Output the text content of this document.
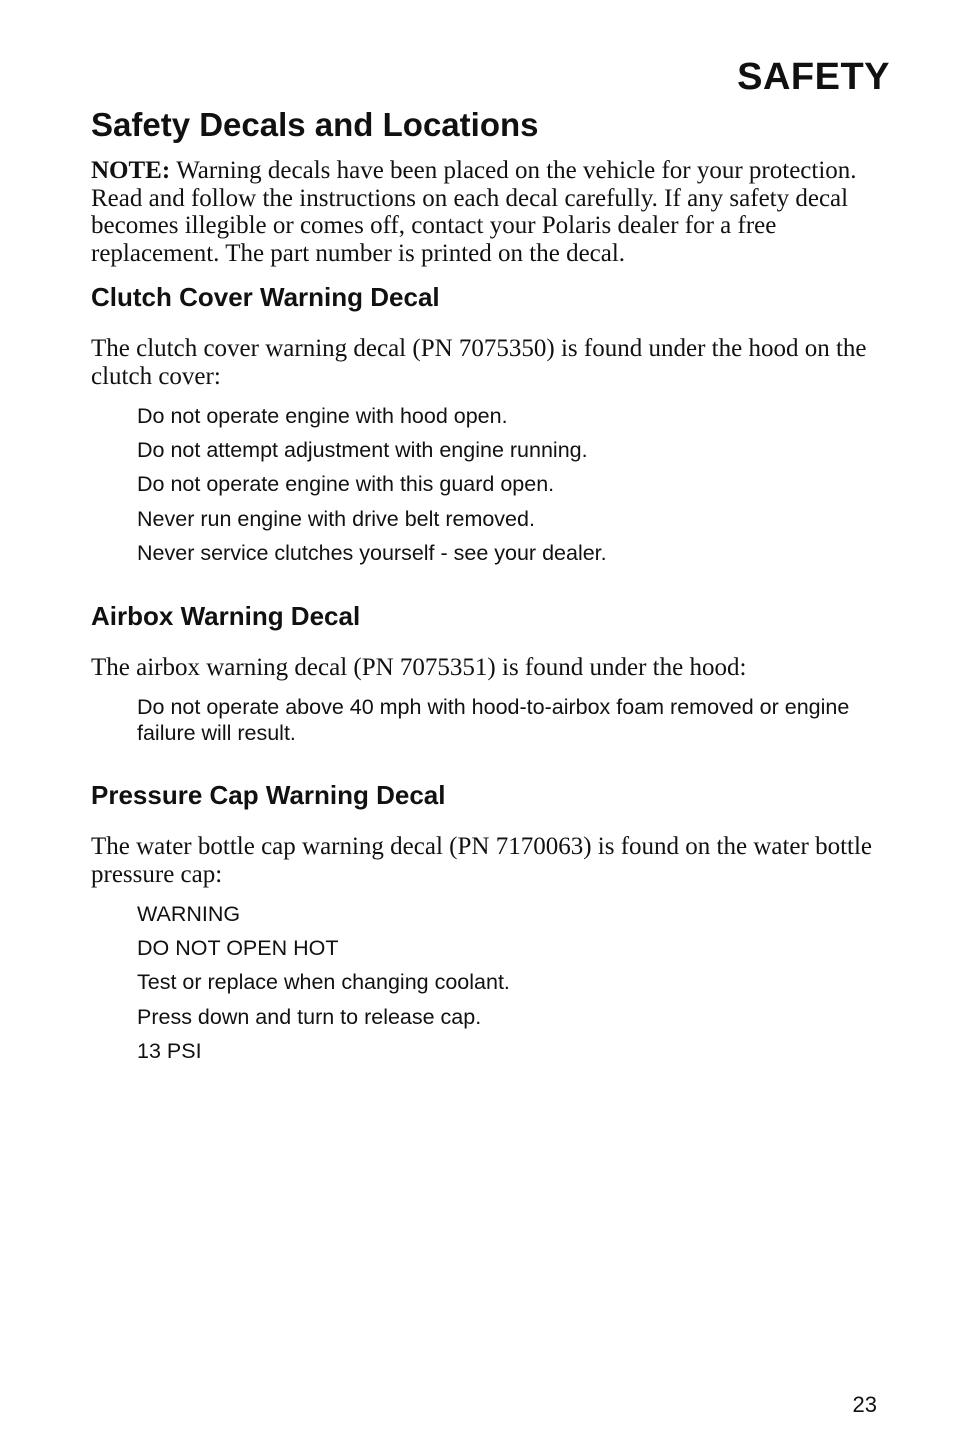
SAFETY
Safety Decals and Locations

NOTE: Warning decals have been placed on the vehicle for your protection. Read and follow the instructions on each decal carefully. If any safety decal becomes illegible or comes off, contact your Polaris dealer for a free replacement. The part number is printed on the decal.

Clutch Cover Warning Decal

The clutch cover warning decal (PN 7075350) is found under the hood on the clutch cover:

Do not operate engine with hood open.
Do not attempt adjustment with engine running.
Do not operate engine with this guard open.
Never run engine with drive belt removed.
Never service clutches yourself - see your dealer.
Airbox Warning Decal

The airbox warning decal (PN 7075351) is found under the hood:

Do not operate above 40 mph with hood-to-airbox foam removed or engine failure will result.

Pressure Cap Warning Decal

The water bottle cap warning decal (PN 7170063) is found on the water bottle pressure cap:

WARNING
DO NOT OPEN HOT
Test or replace when changing coolant.
Press down and turn to release cap.
13 PSI

23
